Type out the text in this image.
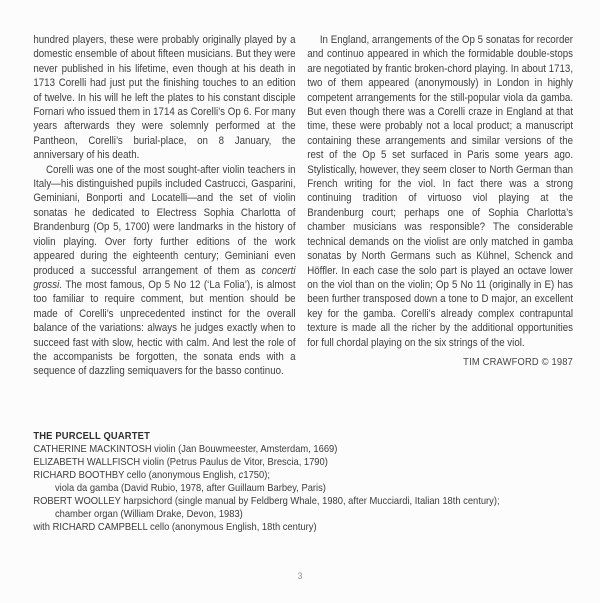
hundred players, these were probably originally played by a domestic ensemble of about fifteen musicians. But they were never published in his lifetime, even though at his death in 1713 Corelli had just put the finishing touches to an edition of twelve. In his will he left the plates to his constant disciple Fornari who issued them in 1714 as Corelli’s Op 6. For many years afterwards they were solemnly performed at the Pantheon, Corelli’s burial-place, on 8 January, the anniversary of his death.

Corelli was one of the most sought-after violin teachers in Italy—his distinguished pupils included Castrucci, Gasparini, Geminiani, Bonporti and Locatelli—and the set of violin sonatas he dedicated to Electress Sophia Charlotta of Brandenburg (Op 5, 1700) were landmarks in the history of violin playing. Over forty further editions of the work appeared during the eighteenth century; Geminiani even produced a successful arrangement of them as concerti grossi. The most famous, Op 5 No 12 (‘La Folia’), is almost too familiar to require comment, but mention should be made of Corelli’s unprecedented instinct for the overall balance of the variations: always he judges exactly when to succeed fast with slow, hectic with calm. And lest the role of the accompanists be forgotten, the sonata ends with a sequence of dazzling semiquavers for the basso continuo.

In England, arrangements of the Op 5 sonatas for recorder and continuo appeared in which the formidable double-stops are negotiated by frantic broken-chord playing. In about 1713, two of them appeared (anonymously) in London in highly competent arrangements for the still-popular viola da gamba. But even though there was a Corelli craze in England at that time, these were probably not a local product; a manuscript containing these arrangements and similar versions of the rest of the Op 5 set surfaced in Paris some years ago. Stylistically, however, they seem closer to North German than French writing for the viol. In fact there was a strong continuing tradition of virtuoso viol playing at the Brandenburg court; perhaps one of Sophia Charlotta’s chamber musicians was responsible? The considerable technical demands on the violist are only matched in gamba sonatas by North Germans such as Kühnel, Schenck and Höffler. In each case the solo part is played an octave lower on the viol than on the violin; Op 5 No 11 (originally in E) has been further transposed down a tone to D major, an excellent key for the gamba. Corelli’s already complex contrapuntal texture is made all the richer by the additional opportunities for full chordal playing on the six strings of the viol.

TIM CRAWFORD © 1987
THE PURCELL QUARTET
CATHERINE MACKINTOSH violin (Jan Bouwmeester, Amsterdam, 1669)
ELIZABETH WALLFISCH violin (Petrus Paulus de Vitor, Brescia, 1790)
RICHARD BOOTHBY cello (anonymous English, c1750);
viola da gamba (David Rubio, 1978, after Guillaum Barbey, Paris)
ROBERT WOOLLEY harpsichord (single manual by Feldberg Whale, 1980, after Mucciardi, Italian 18th century);
chamber organ (William Drake, Devon, 1983)
with RICHARD CAMPBELL cello (anonymous English, 18th century)
3
